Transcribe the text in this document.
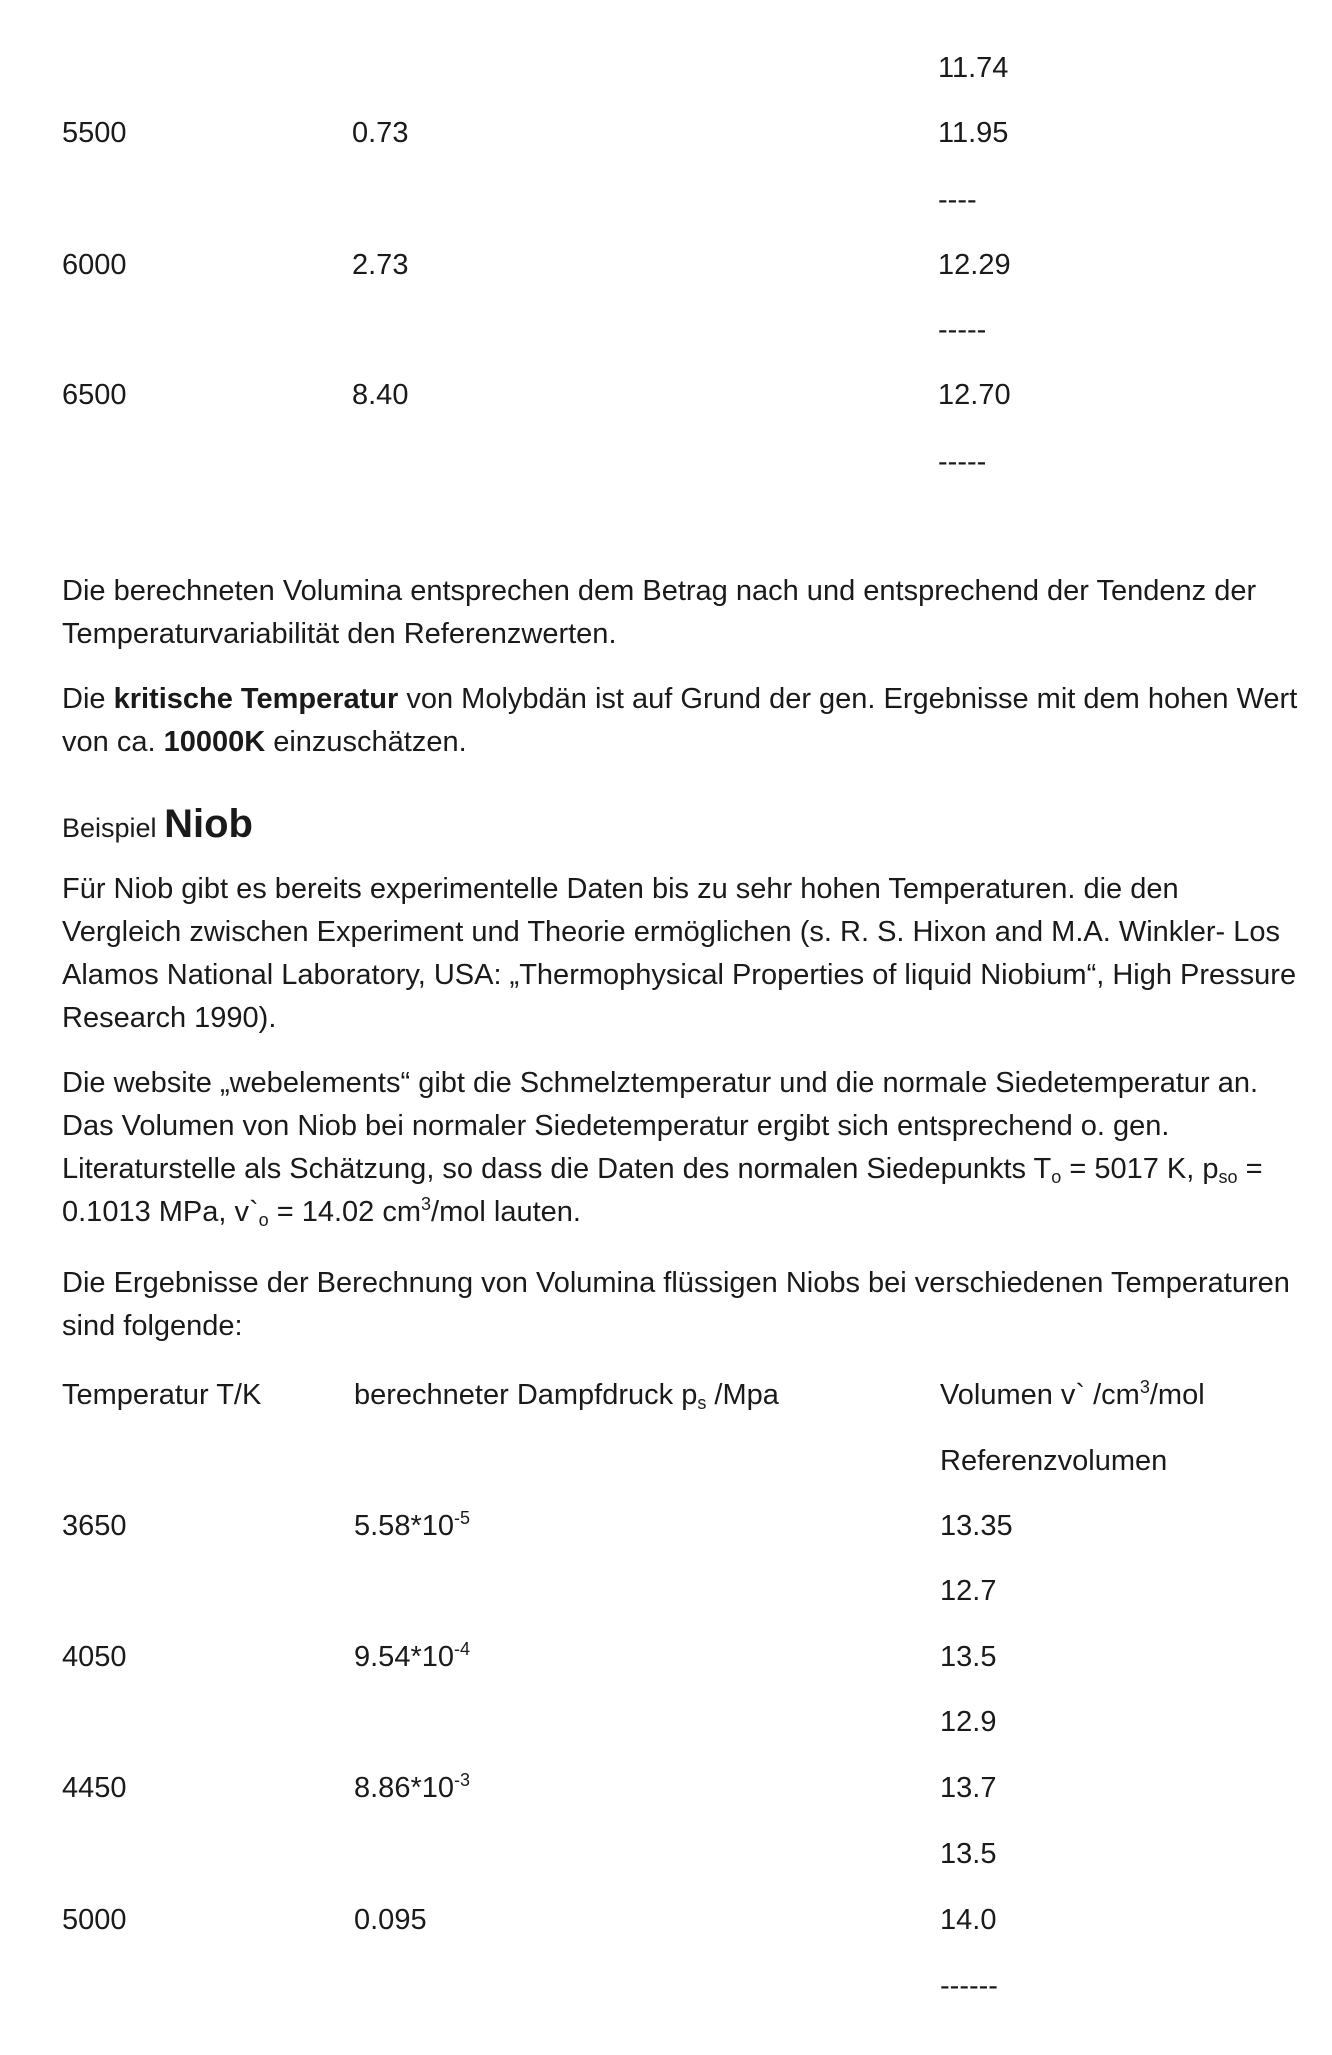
11.74
5500	0.73	11.95
----
6000	2.73	12.29
-----
6500	8.40	12.70
-----

Die berechneten Volumina entsprechen dem Betrag nach und entsprechend der Tendenz der Temperaturvariabilität den Referenzwerten.

Die kritische Temperatur von Molybdän ist auf Grund der gen. Ergebnisse mit dem hohen Wert von ca. 10000K einzuschätzen.

Beispiel Niob

Für Niob gibt es bereits experimentelle Daten bis zu sehr hohen Temperaturen. die den Vergleich zwischen Experiment und Theorie ermöglichen (s. R. S. Hixon and M.A. Winkler- Los Alamos National Laboratory, USA: „Thermophysical Properties of liquid Niobium“, High Pressure Research 1990).

Die website „webelements“ gibt die Schmelztemperatur und die normale Siedetemperatur an. Das Volumen von Niob bei normaler Siedetemperatur ergibt sich entsprechend o. gen. Literaturstelle als Schätzung, so dass die Daten des normalen Siedepunkts $T_o = 5017$ K, $p_{so} = 0.1013$ MPa, $v`_o = 14.02$ $cm^3$/mol lauten.

Die Ergebnisse der Berechnung von Volumina flüssigen Niobs bei verschiedenen Temperaturen sind folgende:

Temperatur T/K	berechneter Dampfdruck $p_s$ /Mpa	Volumen v` $/cm^3$/mol
Referenzvolumen
3650	$5.58*10^{-5}$	13.35
12.7
4050	$9.54*10^{-4}$	13.5
12.9
4450	$8.86*10^{-3}$	13.7
13.5
5000	0.095	14.0
------
